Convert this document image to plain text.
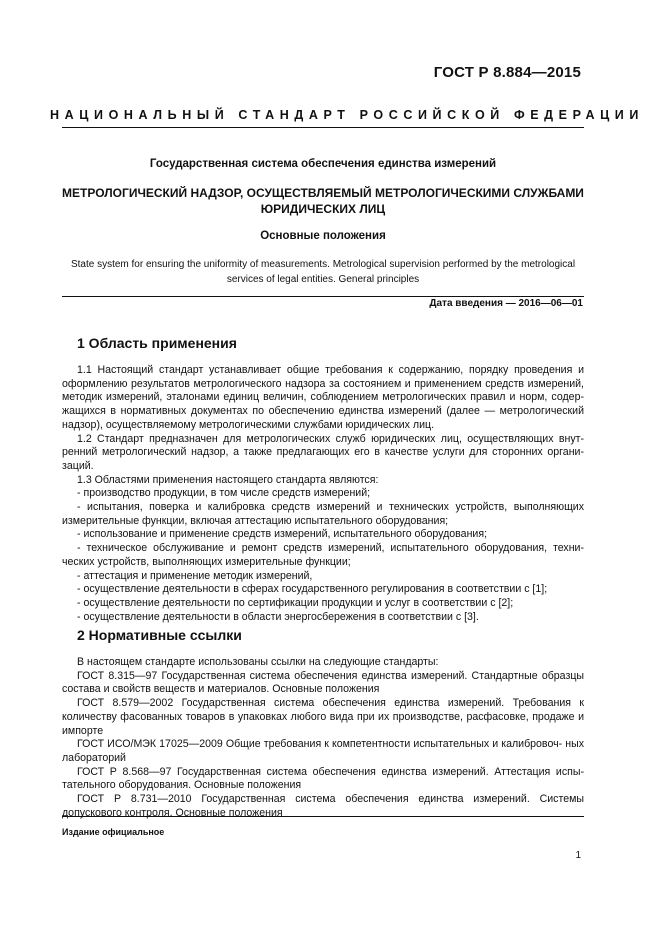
ГОСТ Р 8.884—2015
НАЦИОНАЛЬНЫЙ СТАНДАРТ РОССИЙСКОЙ ФЕДЕРАЦИИ
Государственная система обеспечения единства измерений
МЕТРОЛОГИЧЕСКИЙ НАДЗОР, ОСУЩЕСТВЛЯЕМЫЙ МЕТРОЛОГИЧЕСКИМИ СЛУЖБАМИ
ЮРИДИЧЕСКИХ ЛИЦ
Основные положения
State system for ensuring the uniformity of measurements. Metrological supervision performed by the metrological
services of legal entities. General principles
Дата введения — 2016—06—01
1 Область применения

1.1 Настоящий стандарт устанавливает общие требования к содержанию, порядку проведения и оформлению результатов метрологического надзора за состоянием и применением средств измерений, методик измерений, эталонами единиц величин, соблюдением метрологических правил и норм, содер- жащихся в нормативных документах по обеспечению единства измерений (далее — метрологический надзор), осуществляемому метрологическими службами юридических лиц.

1.2 Стандарт предназначен для метрологических служб юридических лиц, осуществляющих внут- ренний метрологический надзор, а также предлагающих его в качестве услуги для сторонних органи- заций.

1.3 Областями применения настоящего стандарта являются:

- производство продукции, в том числе средств измерений;

- испытания, поверка и калибровка средств измерений и технических устройств, выполняющих измерительные функции, включая аттестацию испытательного оборудования;

- использование и применение средств измерений, испытательного оборудования;

- техническое обслуживание и ремонт средств измерений, испытательного оборудования, техни- ческих устройств, выполняющих измерительные функции;

- аттестация и применение методик измерений,

- осуществление деятельности в сферах государственного регулирования в соответствии с [1];

- осуществление деятельности по сертификации продукции и услуг в соответствии с [2];

- осуществление деятельности в области энергосбережения в соответствии с [3].

2 Нормативные ссылки

В настоящем стандарте использованы ссылки на следующие стандарты:

ГОСТ 8.315—97 Государственная система обеспечения единства измерений. Стандартные образцы состава и свойств веществ и материалов. Основные положения

ГОСТ 8.579—2002 Государственная система обеспечения единства измерений. Требования к количеству фасованных товаров в упаковках любого вида при их производстве, расфасовке, продаже и импорте

ГОСТ ИСО/МЭК 17025—2009 Общие требования к компетентности испытательных и калибровоч- ных лабораторий

ГОСТ Р 8.568—97 Государственная система обеспечения единства измерений. Аттестация испы- тательного оборудования. Основные положения

ГОСТ Р 8.731—2010 Государственная система обеспечения единства измерений. Системы допускового контроля. Основные положения

Издание официальное
1
